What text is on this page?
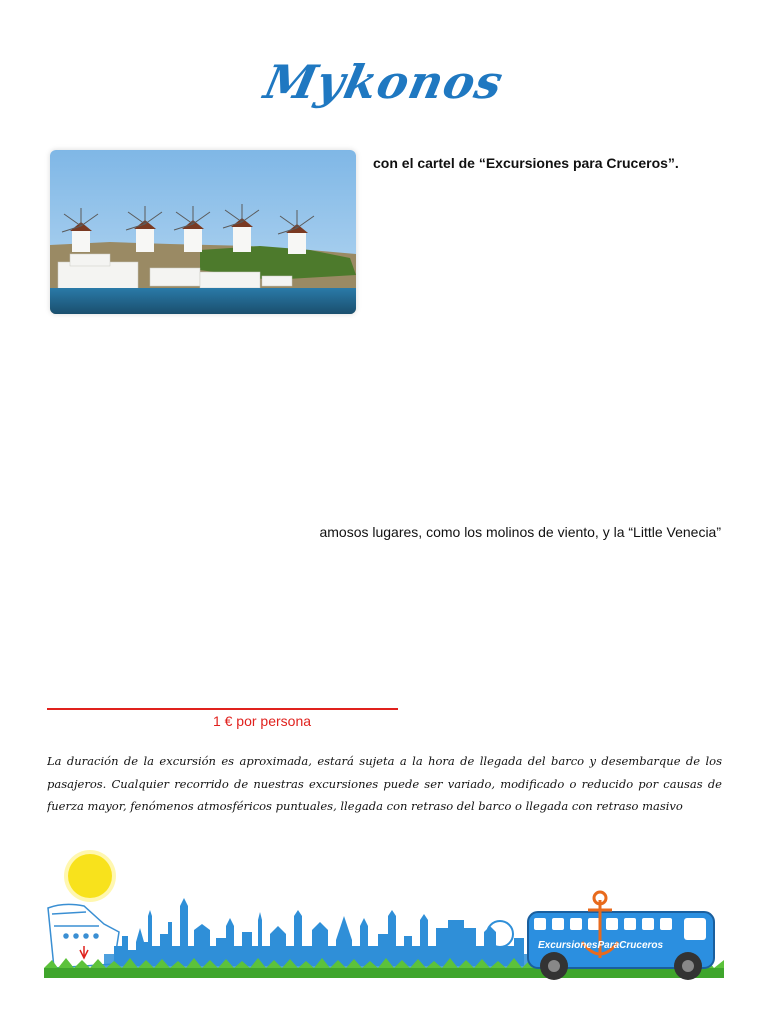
Mykonos
con el cartel de “Excursiones para Cruceros”.
amosos lugares, como los molinos de viento, y la “Little Venecia”
1 € por persona
La duración de la excursión es aproximada, estará sujeta a la hora de llegada del barco y desembarque de los pasajeros. Cualquier recorrido de nuestras excursiones puede ser variado, modificado o reducido por causas de fuerza mayor, fenómenos atmosféricos puntuales, llegada con retraso del barco o llegada con retraso masivo
ExcursionesParaCruceros
